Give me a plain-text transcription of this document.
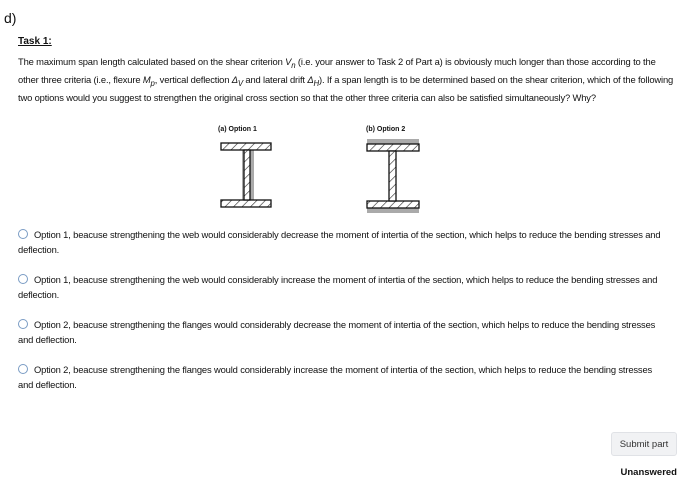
d)
Task 1:
The maximum span length calculated based on the shear criterion $V_n$ (i.e. your answer to Task 2 of Part a) is obviously much longer than those according to the other three criteria (i.e., flexure $M_p$, vertical deflection $\Delta_V$ and lateral drift $\Delta_H$). If a span length is to be determined based on the shear criterion, which of the following two options would you suggest to strengthen the original cross section so that the other three criteria can also be satisfied simultaneously? Why?
(a) Option 1	(b) Option 2
Option 1, beacuse strengthening the web would considerably decrease the moment of intertia of the section, which helps to reduce the bending stresses and deflection.
Option 1, beacuse strengthening the web would considerably increase the moment of intertia of the section, which helps to reduce the bending stresses and deflection.
Option 2, beacuse strengthening the flanges would considerably decrease the moment of intertia of the section, which helps to reduce the bending stresses and deflection.
Option 2, beacuse strengthening the flanges would considerably increase the moment of intertia of the section, which helps to reduce the bending stresses and deflection.
Submit part
Unanswered
